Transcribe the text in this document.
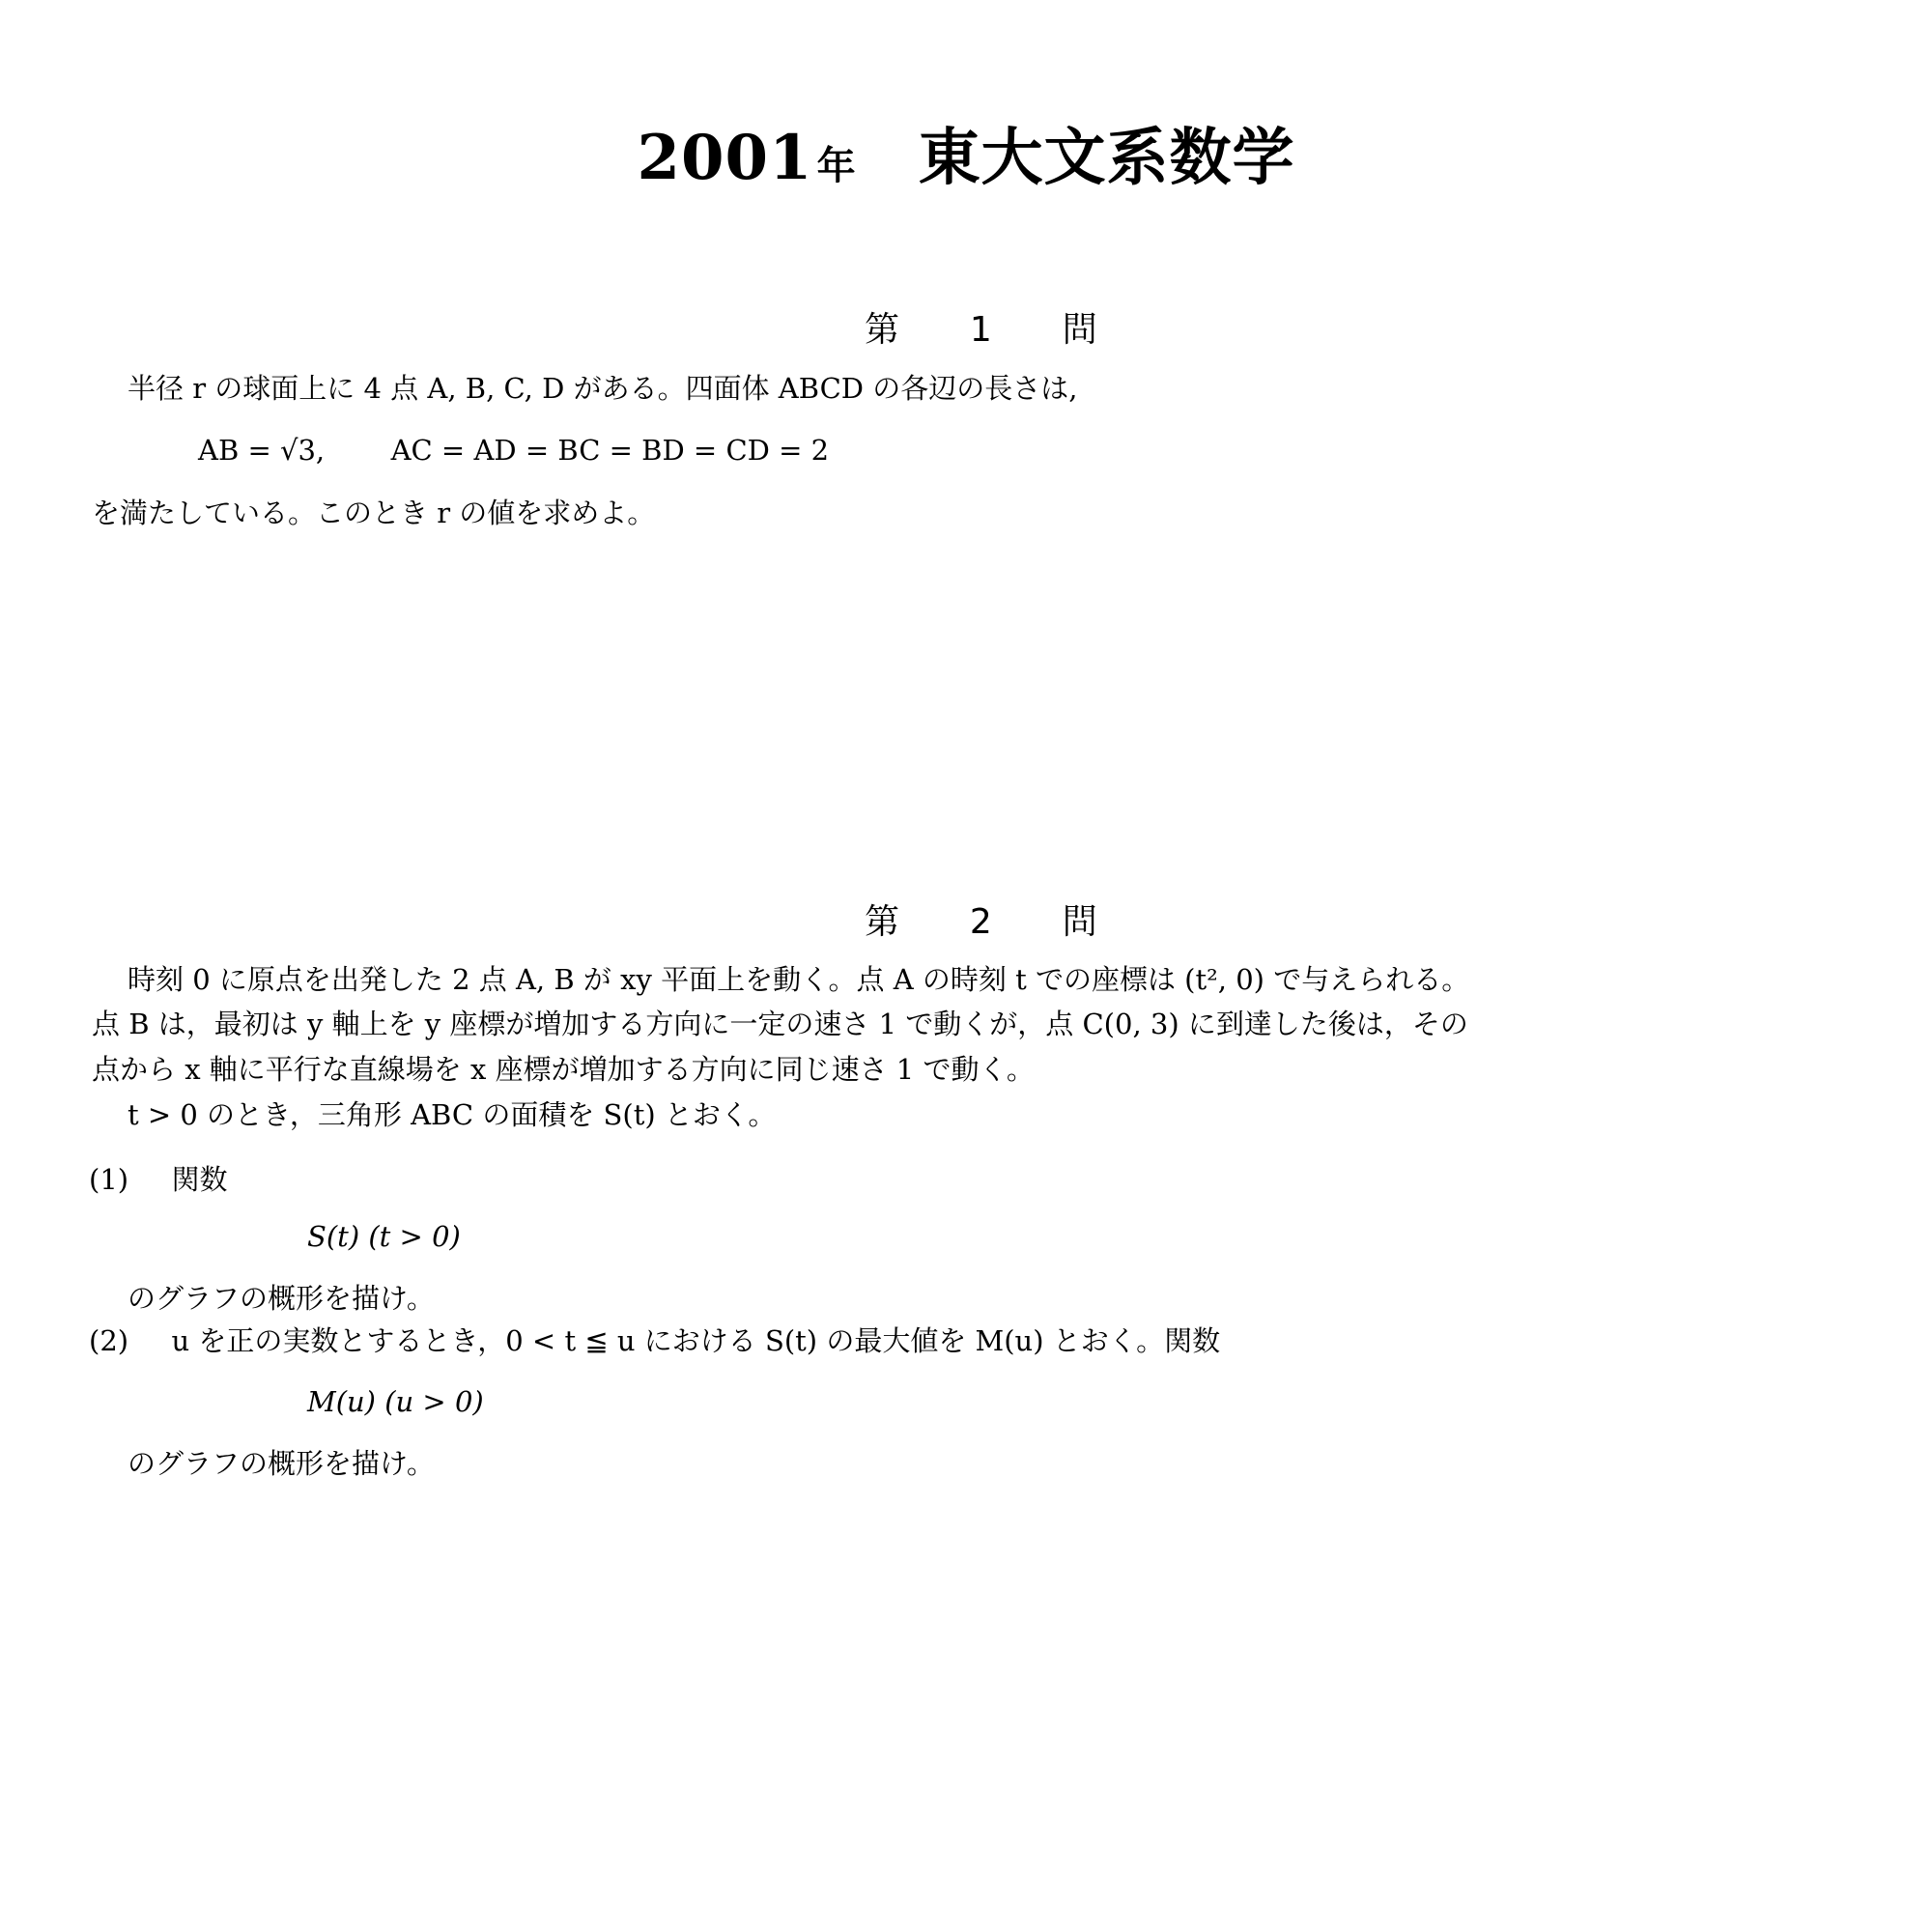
2001 年 東大文系数学
第 1 問
半径 r の球面上に 4 点 A, B, C, D がある。四面体 ABCD の各辺の長さは,
AB = √3, AC = AD = BC = BD = CD = 2
を満たしている。このとき r の値を求めよ。
第 2 問
時刻 0 に原点を出発した 2 点 A, B が xy 平面上を動く。点 A の時刻 t での座標は (t², 0) で与えられる。
点 B は，最初は y 軸上を y 座標が増加する方向に一定の速さ 1 で動くが，点 C(0, 3) に到達した後は，その
点から x 軸に平行な直線場を x 座標が増加する方向に同じ速さ 1 で動く。
t > 0 のとき，三角形 ABC の面積を S(t) とおく。
(1) 関数
S(t) (t > 0)
のグラフの概形を描け。
(2) u を正の実数とするとき，0 < t ≦ u における S(t) の最大値を M(u) とおく。関数
M(u) (u > 0)
のグラフの概形を描け。
